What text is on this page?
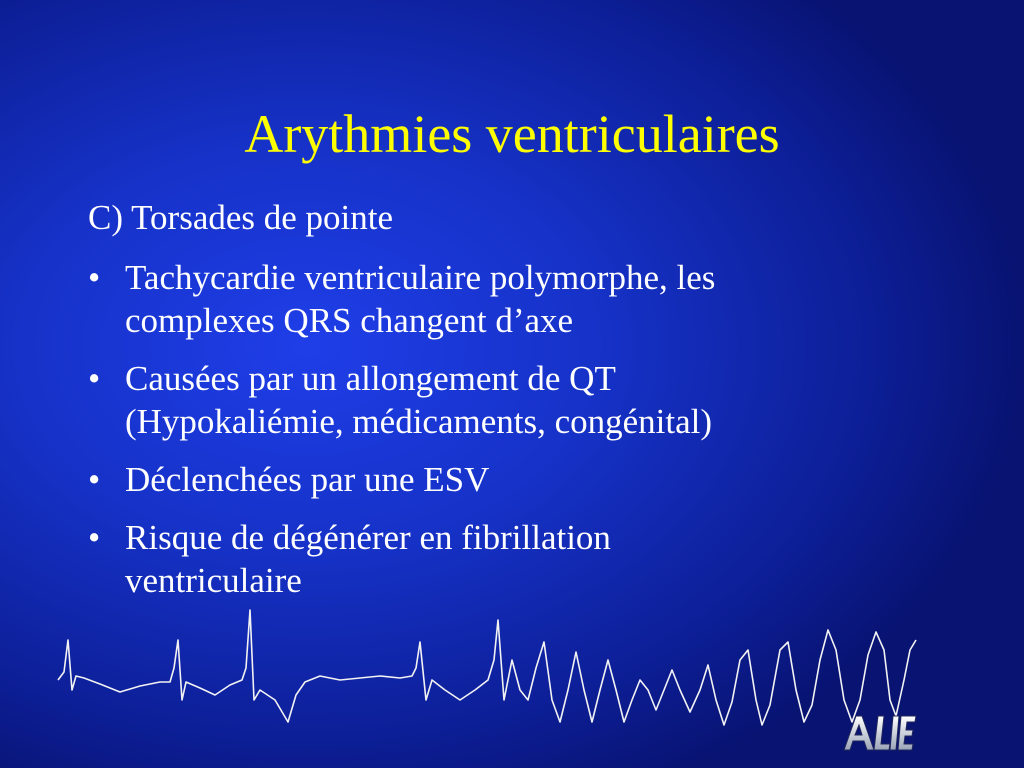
Arythmies ventriculaires

C) Torsades de pointe

• Tachycardie ventriculaire polymorphe, les
complexes QRS changent d’axe
• Causées par un allongement de QT
(Hypokaliémie, médicaments, congénital)
• Déclenchées par une ESV
• Risque de dégénérer en fibrillation
ventriculaire
